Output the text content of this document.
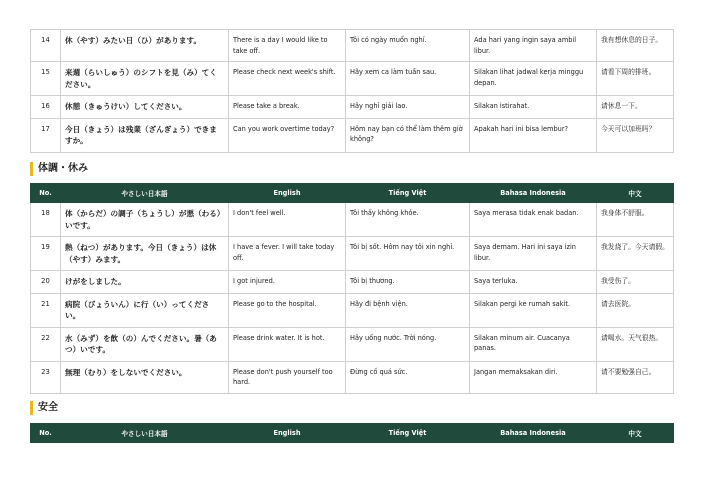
14	休（やす）みたい日（ひ）があります。	There is a day I would like to take off.	Tôi có ngày muốn nghỉ.	Ada hari yang ingin saya ambil libur.	我有想休息的日子。
15	来週（らいしゅう）のシフトを見（み）てください。	Please check next week's shift.	Hãy xem ca làm tuần sau.	Silakan lihat jadwal kerja minggu depan.	请看下周的排班。
16	休憩（きゅうけい）してください。	Please take a break.	Hãy nghỉ giải lao.	Silakan istirahat.	请休息一下。
17	今日（きょう）は残業（ざんぎょう）できますか。	Can you work overtime today?	Hôm nay bạn có thể làm thêm giờ không?	Apakah hari ini bisa lembur?	今天可以加班吗？
体調・休み
No.	やさしい日本語	English	Tiếng Việt	Bahasa Indonesia	中文
18	体（からだ）の調子（ちょうし）が悪（わる）いです。	I don't feel well.	Tôi thấy không khỏe.	Saya merasa tidak enak badan.	我身体不舒服。
19	熱（ねつ）があります。今日（きょう）は休（やす）みます。	I have a fever. I will take today off.	Tôi bị sốt. Hôm nay tôi xin nghỉ.	Saya demam. Hari ini saya izin libur.	我发烧了。今天请假。
20	けがをしました。	I got injured.	Tôi bị thương.	Saya terluka.	我受伤了。
21	病院（びょういん）に行（い）ってください。	Please go to the hospital.	Hãy đi bệnh viện.	Silakan pergi ke rumah sakit.	请去医院。
22	水（みず）を飲（の）んでください。暑（あつ）いです。	Please drink water. It is hot.	Hãy uống nước. Trời nóng.	Silakan minum air. Cuacanya panas.	请喝水。天气很热。
23	無理（むり）をしないでください。	Please don't push yourself too hard.	Đừng cố quá sức.	Jangan memaksakan diri.	请不要勉强自己。
安全
No.	やさしい日本語	English	Tiếng Việt	Bahasa Indonesia	中文
